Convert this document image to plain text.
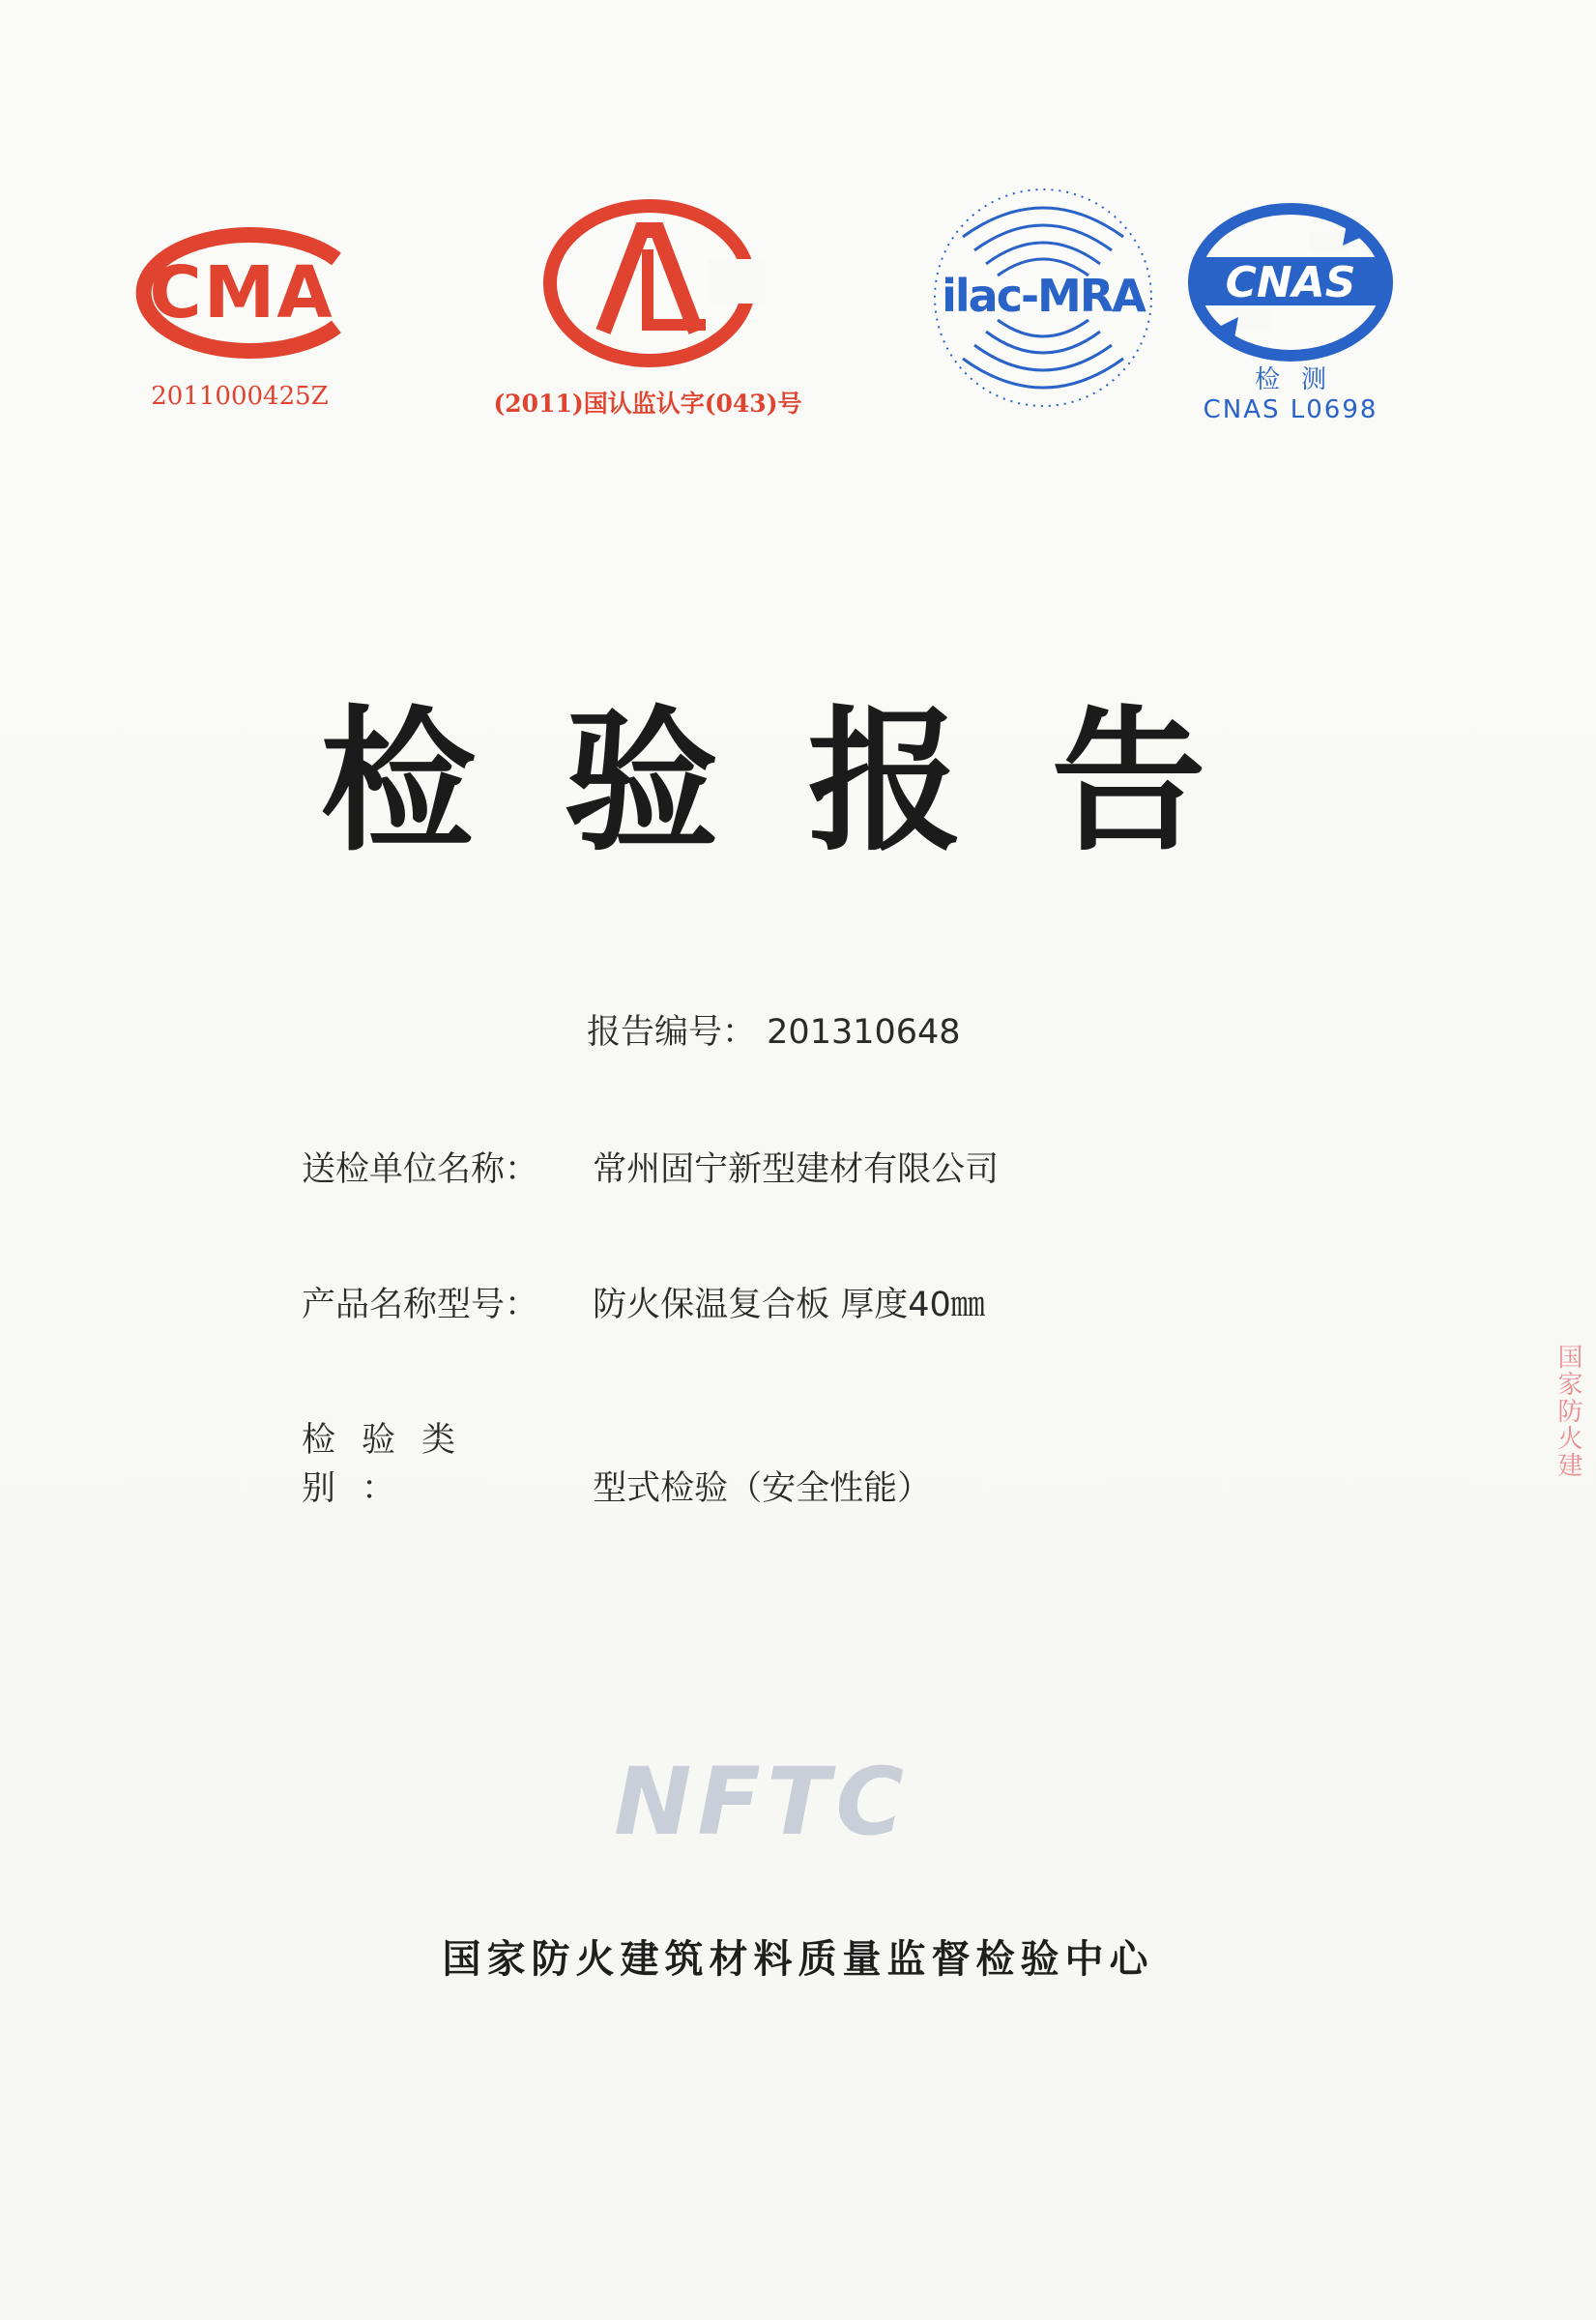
CMA
2011000425Z	(2011)国认监认字(043)号
ilac-MRA CNAS
检测
CNAS L0698
检验报告
报告编号： 201310648
送检单位名称： 常州固宁新型建材有限公司
产品名称型号： 防火保温复合板 厚度40㎜
检验类别：	型式检验（安全性能）
NFTC
国家防火建筑材料质量监督检验中心
国家防火建
